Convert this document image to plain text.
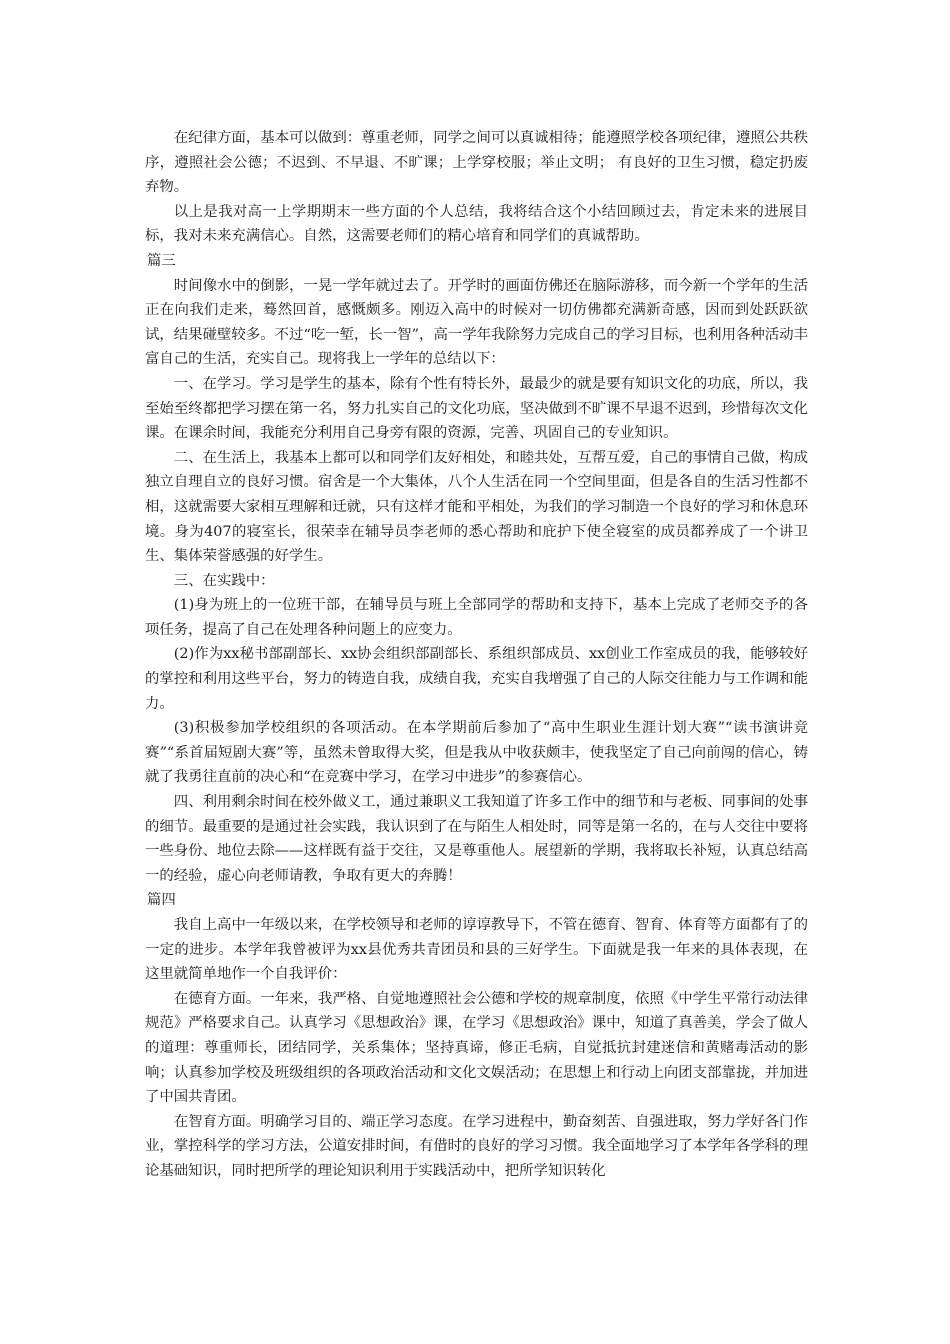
在纪律方面，基本可以做到：尊重老师，同学之间可以真诚相待；能遵照学校各项纪律，遵照公共秩序，遵照社会公德；不迟到、不早退、不旷课；上学穿校服；举止文明； 有良好的卫生习惯，稳定扔废弃物。

以上是我对高一上学期期末一些方面的个人总结，我将结合这个小结回顾过去，肯定未来的进展目标，我对未来充满信心。自然，这需要老师们的精心培育和同学们的真诚帮助。

篇三

时间像水中的倒影，一晃一学年就过去了。开学时的画面仿佛还在脑际游移，而今新一个学年的生活正在向我们走来，蓦然回首，感慨颇多。刚迈入高中的时候对一切仿佛都充满新奇感，因而到处跃跃欲试，结果碰壁较多。不过“吃一堑，长一智”，高一学年我除努力完成自己的学习目标，也利用各种活动丰富自己的生活，充实自己。现将我上一学年的总结以下：

一、在学习。学习是学生的基本，除有个性有特长外，最最少的就是要有知识文化的功底，所以，我至始至终都把学习摆在第一名，努力扎实自己的文化功底，坚决做到不旷课不早退不迟到，珍惜每次文化课。在课余时间，我能充分利用自己身旁有限的资源，完善、巩固自己的专业知识。

二、在生活上，我基本上都可以和同学们友好相处，和睦共处，互帮互爱，自己的事情自己做，构成独立自理自立的良好习惯。宿舍是一个大集体，八个人生活在同一个空间里面，但是各自的生活习性都不相，这就需要大家相互理解和迁就，只有这样才能和平相处，为我们的学习制造一个良好的学习和休息环境。身为407的寝室长，很荣幸在辅导员李老师的悉心帮助和庇护下使全寝室的成员都养成了一个讲卫生、集体荣誉感强的好学生。

三、在实践中：

(1)身为班上的一位班干部，在辅导员与班上全部同学的帮助和支持下，基本上完成了老师交予的各项任务，提高了自己在处理各种问题上的应变力。

(2)作为xx秘书部副部长、xx协会组织部副部长、系组织部成员、xx创业工作室成员的我，能够较好的掌控和利用这些平台，努力的铸造自我，成绩自我，充实自我增强了自己的人际交往能力与工作调和能力。

(3)积极参加学校组织的各项活动。在本学期前后参加了“高中生职业生涯计划大赛”“读书演讲竞赛”“系首届短剧大赛”等，虽然未曾取得大奖，但是我从中收获颇丰，使我坚定了自己向前闯的信心，铸就了我勇往直前的决心和“在竞赛中学习，在学习中进步”的参赛信心。

四、利用剩余时间在校外做义工，通过兼职义工我知道了许多工作中的细节和与老板、同事间的处事的细节。最重要的是通过社会实践，我认识到了在与陌生人相处时，同等是第一名的，在与人交往中要将一些身份、地位去除——这样既有益于交往，又是尊重他人。展望新的学期，我将取长补短，认真总结高一的经验，虚心向老师请教，争取有更大的奔腾！

篇四

我自上高中一年级以来，在学校领导和老师的谆谆教导下，不管在德育、智育、体育等方面都有了的一定的进步。本学年我曾被评为xx县优秀共青团员和县的三好学生。下面就是我一年来的具体表现，在这里就简单地作一个自我评价：

在德育方面。一年来，我严格、自觉地遵照社会公德和学校的规章制度，依照《中学生平常行动法律规范》严格要求自己。认真学习《思想政治》课，在学习《思想政治》课中，知道了真善美，学会了做人的道理：尊重师长，团结同学，关系集体；坚持真谛，修正毛病，自觉抵抗封建迷信和黄赌毒活动的影响；认真参加学校及班级组织的各项政治活动和文化文娱活动；在思想上和行动上向团支部靠拢，并加进了中国共青团。

在智育方面。明确学习目的、端正学习态度。在学习进程中，勤奋刻苦、自强进取，努力学好各门作业，掌控科学的学习方法，公道安排时间，有借时的良好的学习习惯。我全面地学习了本学年各学科的理论基础知识，同时把所学的理论知识利用于实践活动中，把所学知识转化
